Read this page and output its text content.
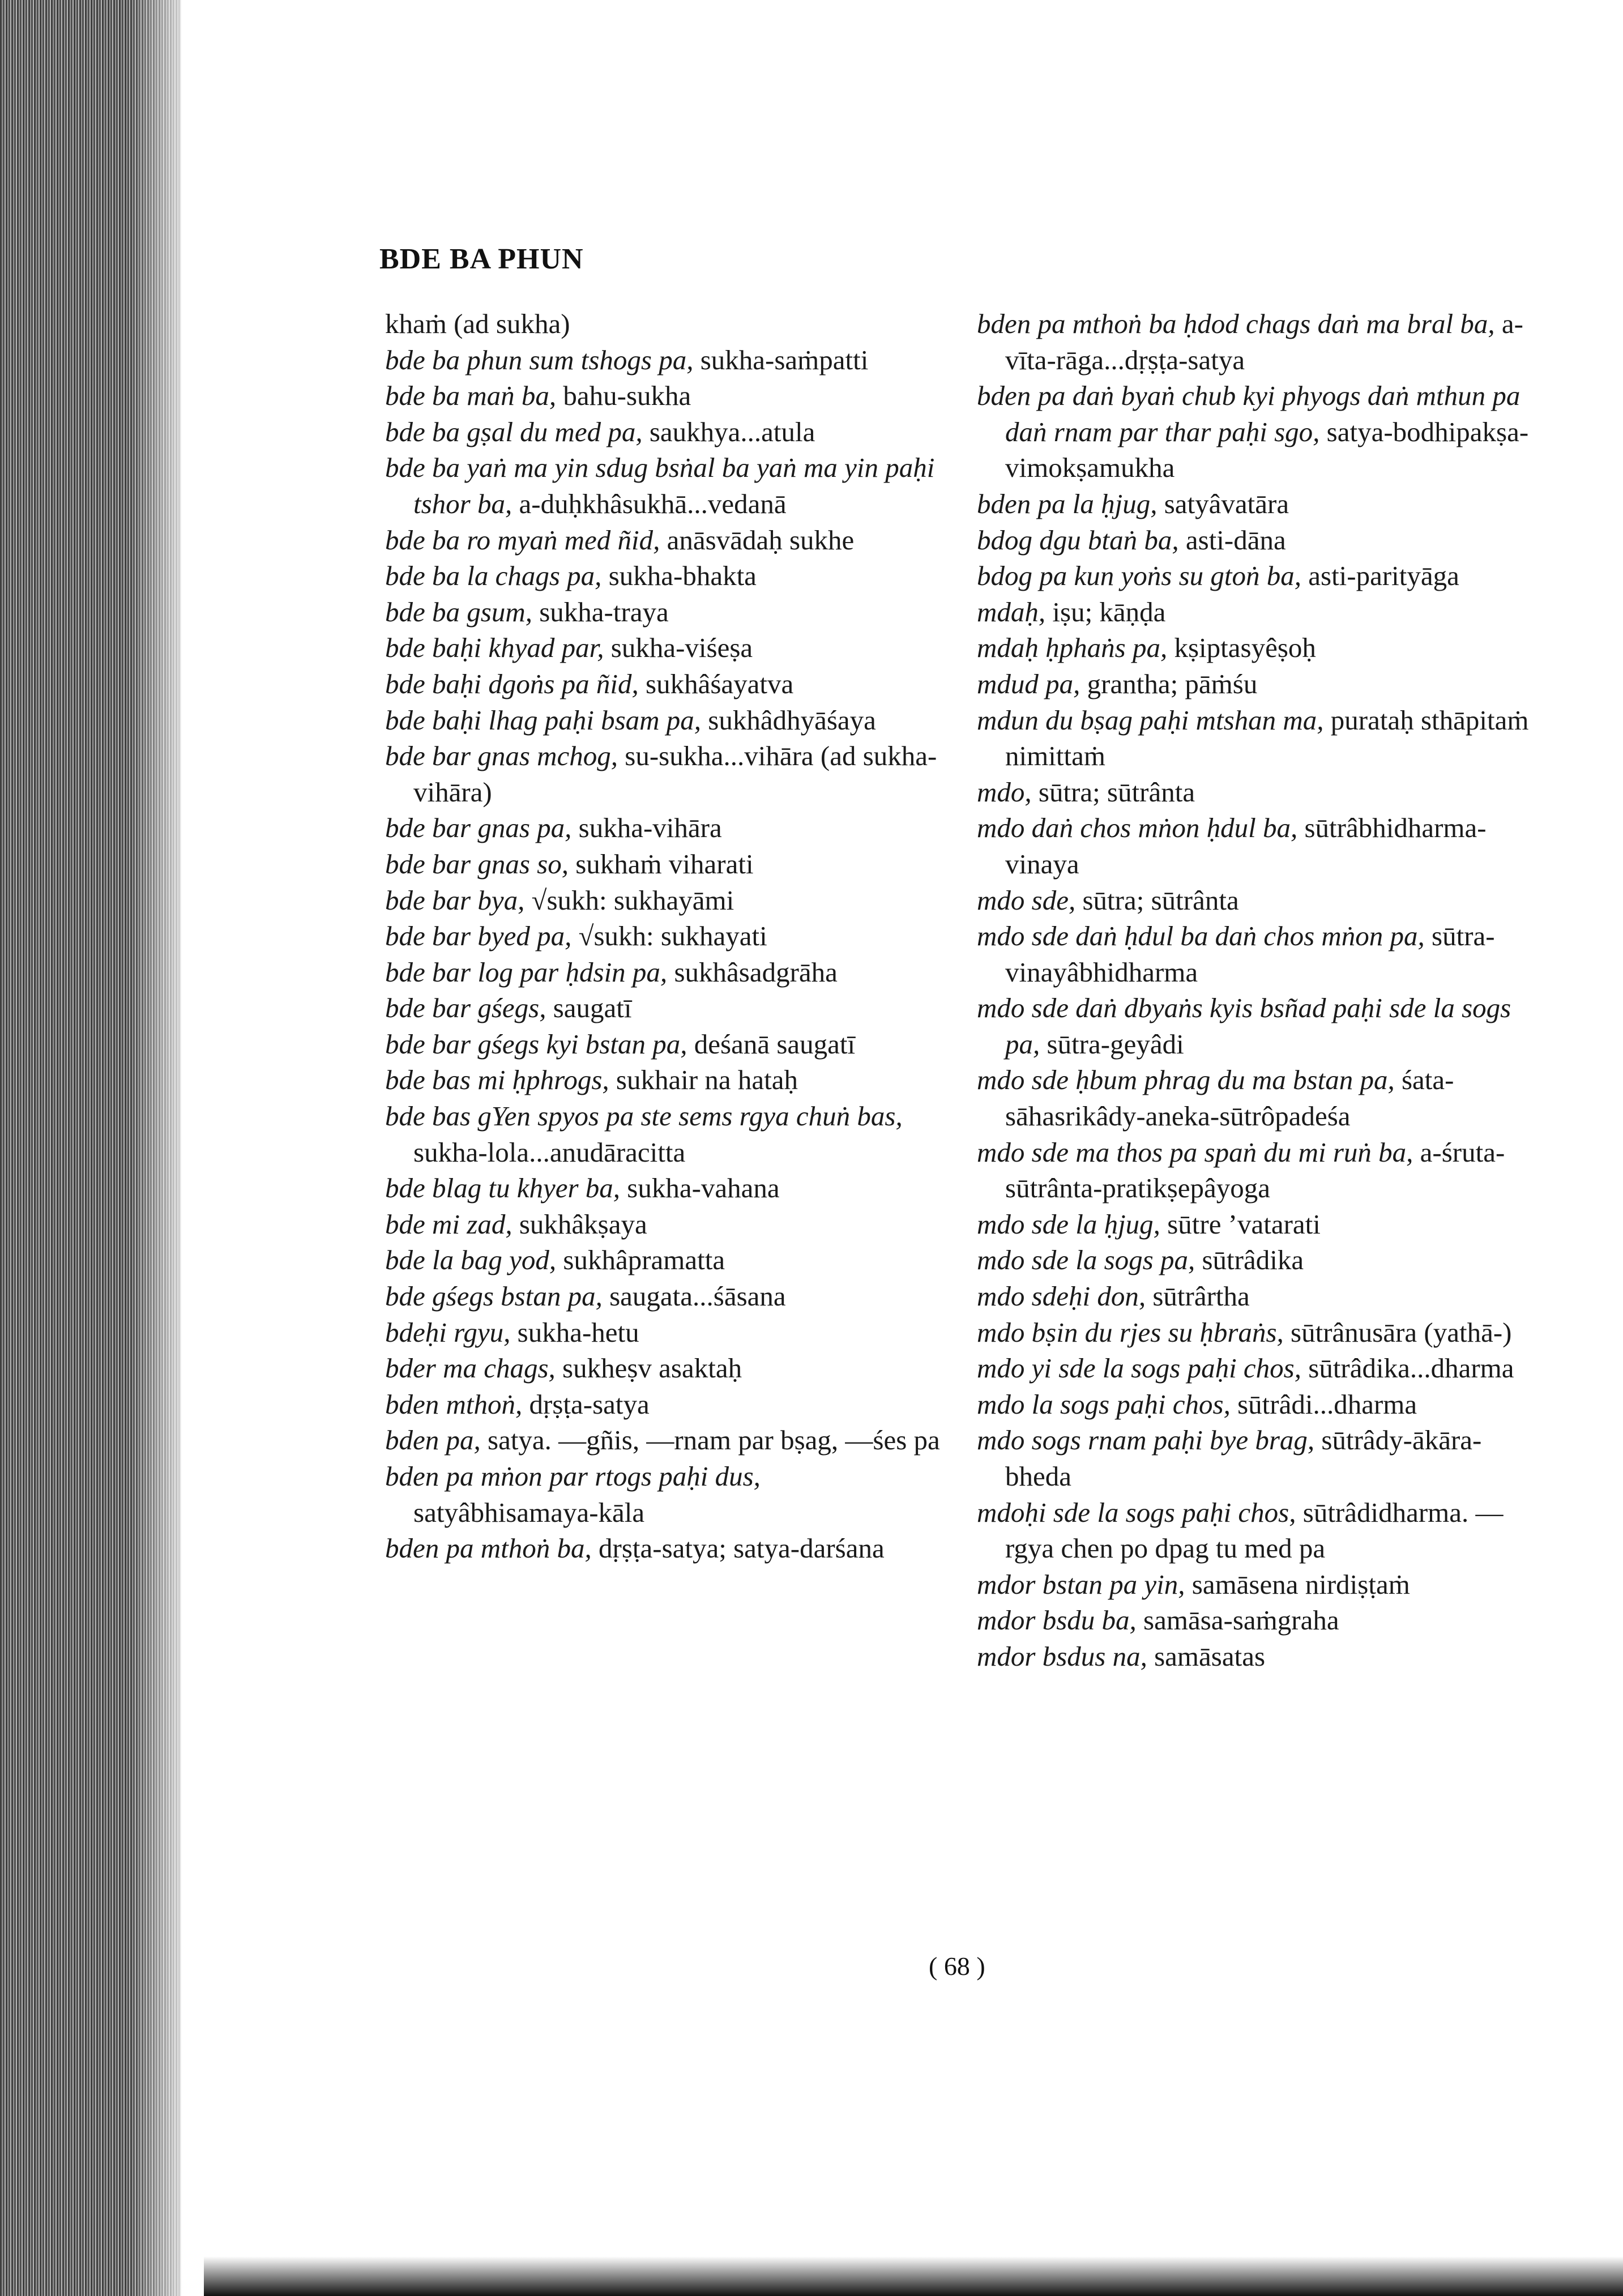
BDE BA PHUN

khaṁ (ad sukha)

bde ba phun sum tshogs pa, sukha-saṁpatti

bde ba maṅ ba, bahu-sukha

bde ba gṣal du med pa, saukhya...atula

bde ba yaṅ ma yin sdug bsṅal ba yaṅ ma yin paḥi tshor ba, a-duḥkhâsukhā...vedanā

bde ba ro myaṅ med ñid, anāsvādaḥ sukhe

bde ba la chags pa, sukha-bhakta

bde ba gsum, sukha-traya

bde baḥi khyad par, sukha-viśeṣa

bde baḥi dgoṅs pa ñid, sukhâśayatva

bde baḥi lhag paḥi bsam pa, sukhâdhyāśaya

bde bar gnas mchog, su-sukha...vihāra (ad sukha-vihāra)

bde bar gnas pa, sukha-vihāra

bde bar gnas so, sukhaṁ viharati

bde bar bya, √sukh: sukhayāmi

bde bar byed pa, √sukh: sukhayati

bde bar log par ḥdsin pa, sukhâsadgrāha

bde bar gśegs, saugatī

bde bar gśegs kyi bstan pa, deśanā saugatī

bde bas mi ḥphrogs, sukhair na hataḥ

bde bas gYen spyos pa ste sems rgya chuṅ bas, sukha-lola...anudāracitta

bde blag tu khyer ba, sukha-vahana

bde mi zad, sukhâkṣaya

bde la bag yod, sukhâpramatta

bde gśegs bstan pa, saugata...śāsana

bdeḥi rgyu, sukha-hetu

bder ma chags, sukheṣv asaktaḥ

bden mthoṅ, dṛṣṭa-satya

bden pa, satya. —gñis, —rnam par bṣag, —śes pa

bden pa mṅon par rtogs paḥi dus, satyâbhisamaya-kāla

bden pa mthoṅ ba, dṛṣṭa-satya; satya-darśana

bden pa mthoṅ ba ḥdod chags daṅ ma bral ba, a-vīta-rāga...dṛṣṭa-satya

bden pa daṅ byaṅ chub kyi phyogs daṅ mthun pa daṅ rnam par thar paḥi sgo, satya-bodhipakṣa-vimokṣamukha

bden pa la ḥjug, satyâvatāra

bdog dgu btaṅ ba, asti-dāna

bdog pa kun yoṅs su gtoṅ ba, asti-parityāga

mdaḥ, iṣu; kāṇḍa

mdaḥ ḥphaṅs pa, kṣiptasyêṣoḥ

mdud pa, grantha; pāṁśu

mdun du bṣag paḥi mtshan ma, purataḥ sthāpitaṁ nimittaṁ

mdo, sūtra; sūtrânta

mdo daṅ chos mṅon ḥdul ba, sūtrâbhidharma-vinaya

mdo sde, sūtra; sūtrânta

mdo sde daṅ ḥdul ba daṅ chos mṅon pa, sūtra-vinayâbhidharma

mdo sde daṅ dbyaṅs kyis bsñad paḥi sde la sogs pa, sūtra-geyâdi

mdo sde ḥbum phrag du ma bstan pa, śata-sāhasrikâdy-aneka-sūtrôpadeśa

mdo sde ma thos pa spaṅ du mi ruṅ ba, a-śruta-sūtrânta-pratikṣepâyoga

mdo sde la ḥjug, sūtre ’vatarati

mdo sde la sogs pa, sūtrâdika

mdo sdeḥi don, sūtrârtha

mdo bṣin du rjes su ḥbraṅs, sūtrânusāra (yathā-)

mdo yi sde la sogs paḥi chos, sūtrâdika...dharma

mdo la sogs paḥi chos, sūtrâdi...dharma

mdo sogs rnam paḥi bye brag, sūtrâdy-ākāra-bheda

mdoḥi sde la sogs paḥi chos, sūtrâdidharma. —rgya chen po dpag tu med pa

mdor bstan pa yin, samāsena nirdiṣṭaṁ

mdor bsdu ba, samāsa-saṁgraha

mdor bsdus na, samāsatas

( 68 )
